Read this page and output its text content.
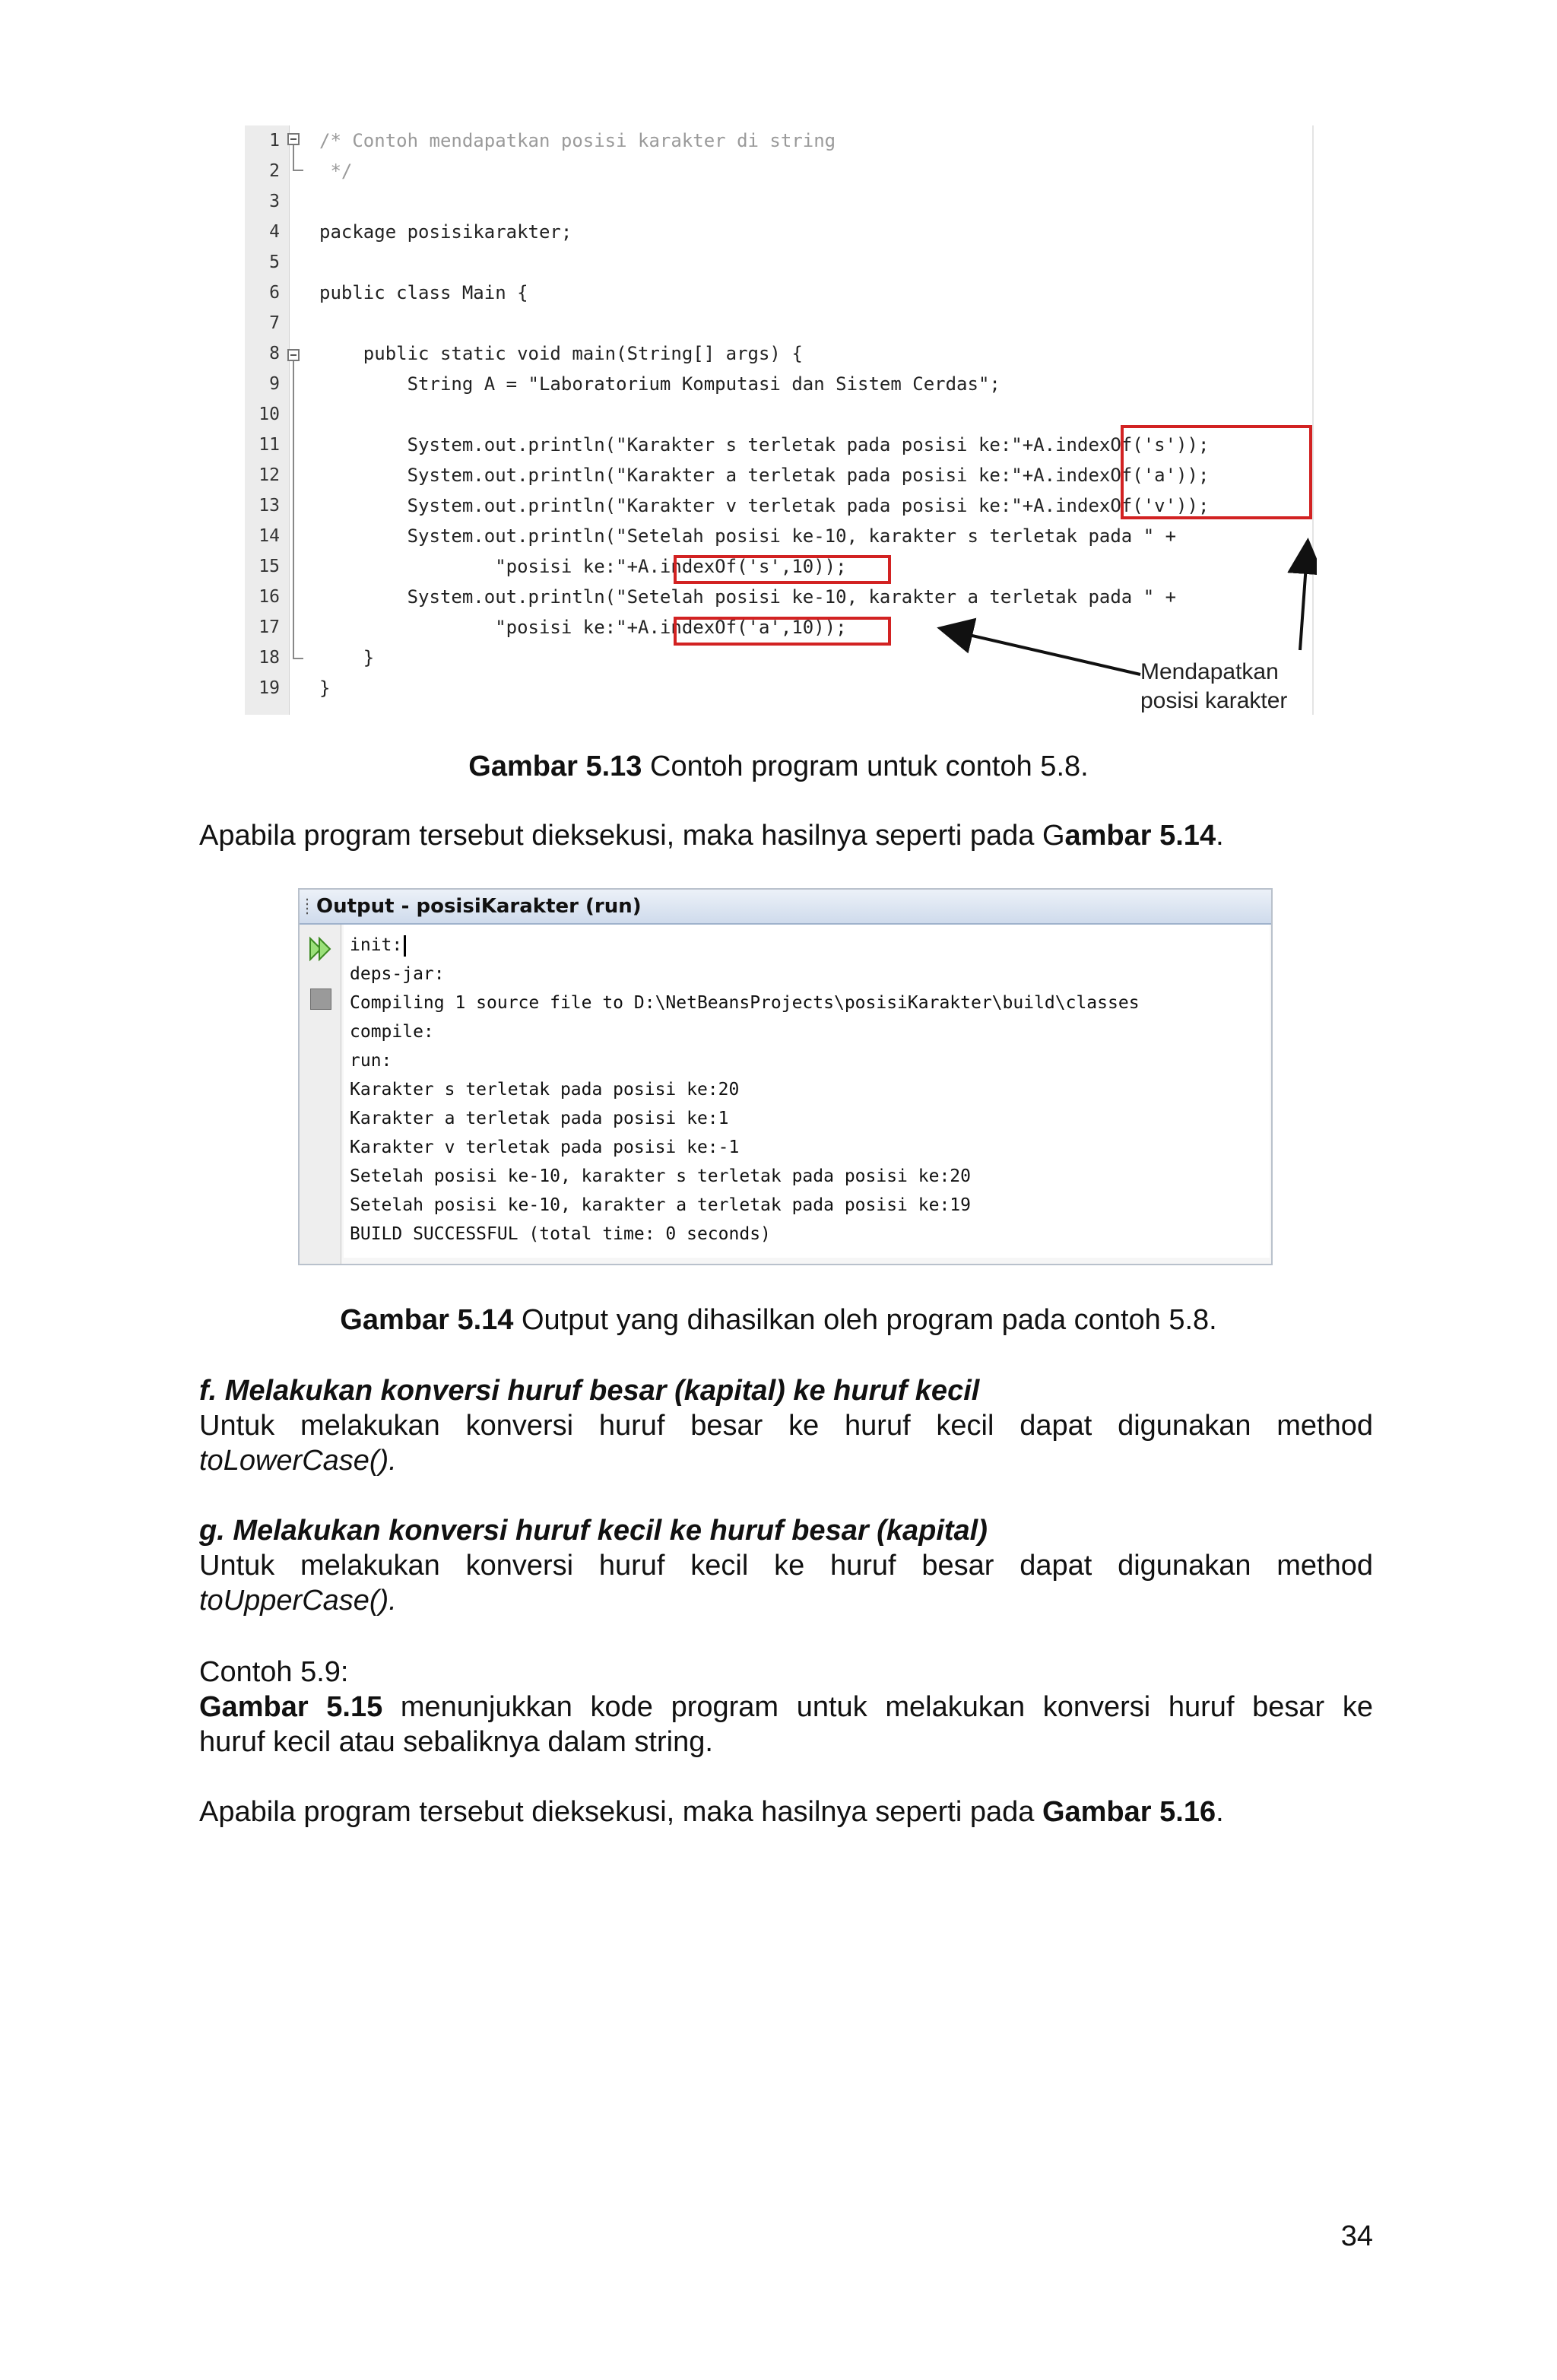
1 /* Contoh mendapatkan posisi karakter di string
2 */
3
4 package posisikarakter;
5
6 public class Main {
7
8 public static void main(String[] args) {
9 String A = "Laboratorium Komputasi dan Sistem Cerdas";
10
11 System.out.println("Karakter s terletak pada posisi ke:"+A.indexOf('s'));
12 System.out.println("Karakter a terletak pada posisi ke:"+A.indexOf('a'));
13 System.out.println("Karakter v terletak pada posisi ke:"+A.indexOf('v'));
14 System.out.println("Setelah posisi ke-10, karakter s terletak pada " +
15 "posisi ke:"+A.indexOf('s',10));
16 System.out.println("Setelah posisi ke-10, karakter a terletak pada " +
17 "posisi ke:"+A.indexOf('a',10));
18 }
19 }
Mendapatkan
posisi karakter
Gambar 5.13 Contoh program untuk contoh 5.8.
Apabila program tersebut dieksekusi, maka hasilnya seperti pada Gambar 5.14.
Output - posisiKarakter (run)
init:
deps-jar:
Compiling 1 source file to D:\NetBeansProjects\posisiKarakter\build\classes
compile:
run:
Karakter s terletak pada posisi ke:20
Karakter a terletak pada posisi ke:1
Karakter v terletak pada posisi ke:-1
Setelah posisi ke-10, karakter s terletak pada posisi ke:20
Setelah posisi ke-10, karakter a terletak pada posisi ke:19
BUILD SUCCESSFUL (total time: 0 seconds)
Gambar 5.14 Output yang dihasilkan oleh program pada contoh 5.8.
f. Melakukan konversi huruf besar (kapital) ke huruf kecil
Untuk melakukan konversi huruf besar ke huruf kecil dapat digunakan method
toLowerCase().
g. Melakukan konversi huruf kecil ke huruf besar (kapital)
Untuk melakukan konversi huruf kecil ke huruf besar dapat digunakan method
toUpperCase().
Contoh 5.9:
Gambar 5.15 menunjukkan kode program untuk melakukan konversi huruf besar ke
huruf kecil atau sebaliknya dalam string.
Apabila program tersebut dieksekusi, maka hasilnya seperti pada Gambar 5.16.
34
